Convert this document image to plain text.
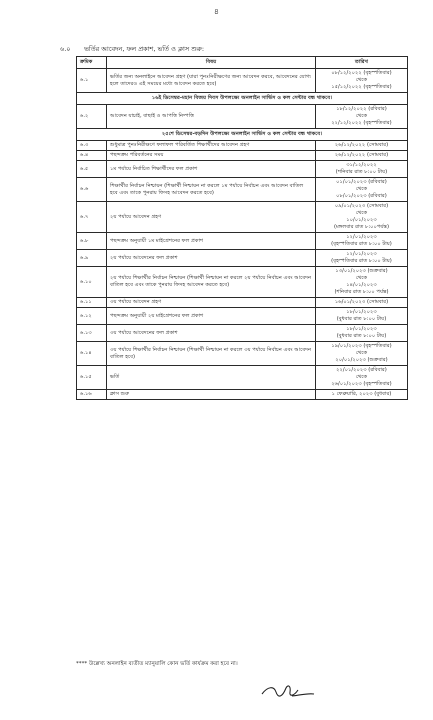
৪
৬.০ ভর্তির আবেদন, ফল প্রকাশ, ভর্তি ও ক্লাস শুরু:
ক্রমিক	বিষয়	তারিখ
৬.১	ভর্তির জন্য অনলাইনে আবেদন গ্রহণ (যারা পুনঃনিরীক্ষণের জন্য আবেদন করবে, আবেদনের যোগ্য হলে তাদেরও এই সময়ের মধ্যে আবেদন করতে হবে)	০৮/১২/২০২২ (বৃহস্পতিবার)
থেকে
১৫/১২/২০২২ (বৃহস্পতিবার)

১৬ই ডিসেম্বর-মহান বিজয় দিবস উপলক্ষ্যে অনলাইন সার্ভিস ও কল সেন্টার বন্ধ থাকবে।		
৬.২	আবেদন যাচাই, বাছাই ও আপত্তি নিষ্পত্তি	১৮/১২/২০২২ (রবিবার)
থেকে
২২/১২/২০২২ (বৃহস্পতিবার)

২৫শে ডিসেম্বর-বড়দিন উপলক্ষ্যে অনলাইন সার্ভিস ও কল সেন্টার বন্ধ থাকবে।		
৬.৩	শুধুমাত্র পুনঃনিরীক্ষণে ফলাফল পরিবর্তিত শিক্ষার্থীদের আবেদন গ্রহণ	২৬/১২/২০২২ (সোমবার)

৬.৪	পছন্দক্রম পরিবর্তনের সময়	২৬/১২/২০২২ (সোমবার)

৬.৫	১ম পর্যায়ে নির্বাচিত শিক্ষার্থীদের ফল প্রকাশ	৩১/১২/২০২২
(শনিবার রাত ৮:০০ টায়)

৬.৬	শিক্ষার্থীর নির্বাচন নিশ্চায়ন (শিক্ষার্থী নিশ্চায়ন না করলে ১ম পর্যায়ে নির্বাচন এবং আবেদন বাতিল হবে এবং তাকে পুনরায় ফিসহ আবেদন করতে হবে)	০১/০১/২০২৩ (রবিবার)
থেকে
০৮/০১/২০২৩ (রবিবার)

৬.৭	২য় পর্যায়ে আবেদন গ্রহণ	০৯/০১/২০২৩ (সোমবার)
থেকে
১০/০১/২০২৩
(মঙ্গলবার রাত ৮:০০পর্যন্ত)

৬.৮	পছন্দক্রম অনুযায়ী ১ম মাইগ্রেশনের ফল প্রকাশ	১২/০১/২০২৩
(বৃহস্পতিবার রাত ৮:০০ টায়)

৬.৯	২য় পর্যায়ে আবেদনের ফল প্রকাশ	১২/০১/২০২৩
(বৃহস্পতিবার রাত ৮:০০ টায়)

৬.১০	২য় পর্যায়ে শিক্ষার্থীর নির্বাচন নিশ্চায়ন (শিক্ষার্থী নিশ্চায়ন না করলে ২য় পর্যায়ে নির্বাচন এবং আবেদন বাতিল হবে এবং তাকে পুনরায় ফিসহ আবেদন করতে হবে)	১৩/০১/২০২৩ (শুক্রবার)
থেকে
১৪/০১/২০২৩
(শনিবার রাত ৮:০০ পর্যন্ত)

৬.১১	৩য় পর্যায়ে আবেদন গ্রহণ	১৬/০১/২০২৩ (সোমবার)

৬.১২	পছন্দক্রম অনুযায়ী ২য় মাইগ্রেশনের ফল প্রকাশ	১৮/০১/২০২৩
(বুধবার রাত ৮:০০ টায়)

৬.১৩	৩য় পর্যায়ে আবেদনের ফল প্রকাশ	১৮/০১/২০২৩
(বুধবার রাত ৮:০০ টায়)

৬.১৪	৩য় পর্যায়ে শিক্ষার্থীর নির্বাচন নিশ্চায়ন (শিক্ষার্থী নিশ্চায়ন না করলে ৩য় পর্যায়ে নির্বাচন এবং আবেদন বাতিল হবে)	১৯/০১/২০২৩ (বৃহস্পতিবার)
থেকে
২০/০১/২০২৩ (শুক্রবার)

৬.১৫	ভর্তি	২২/০১/২০২৩ (রবিবার)
থেকে
২৬/০১/২০২৩ (বৃহস্পতিবার)

৬.১৬	ক্লাস শুরু	১ ফেব্রুয়ারি, ২০২৩ (বুধবার)
**** উল্লেখ্য অনলাইন ব্যতীত ম্যানুয়ালি কোন ভর্তি কার্যক্রম করা হবে না।
